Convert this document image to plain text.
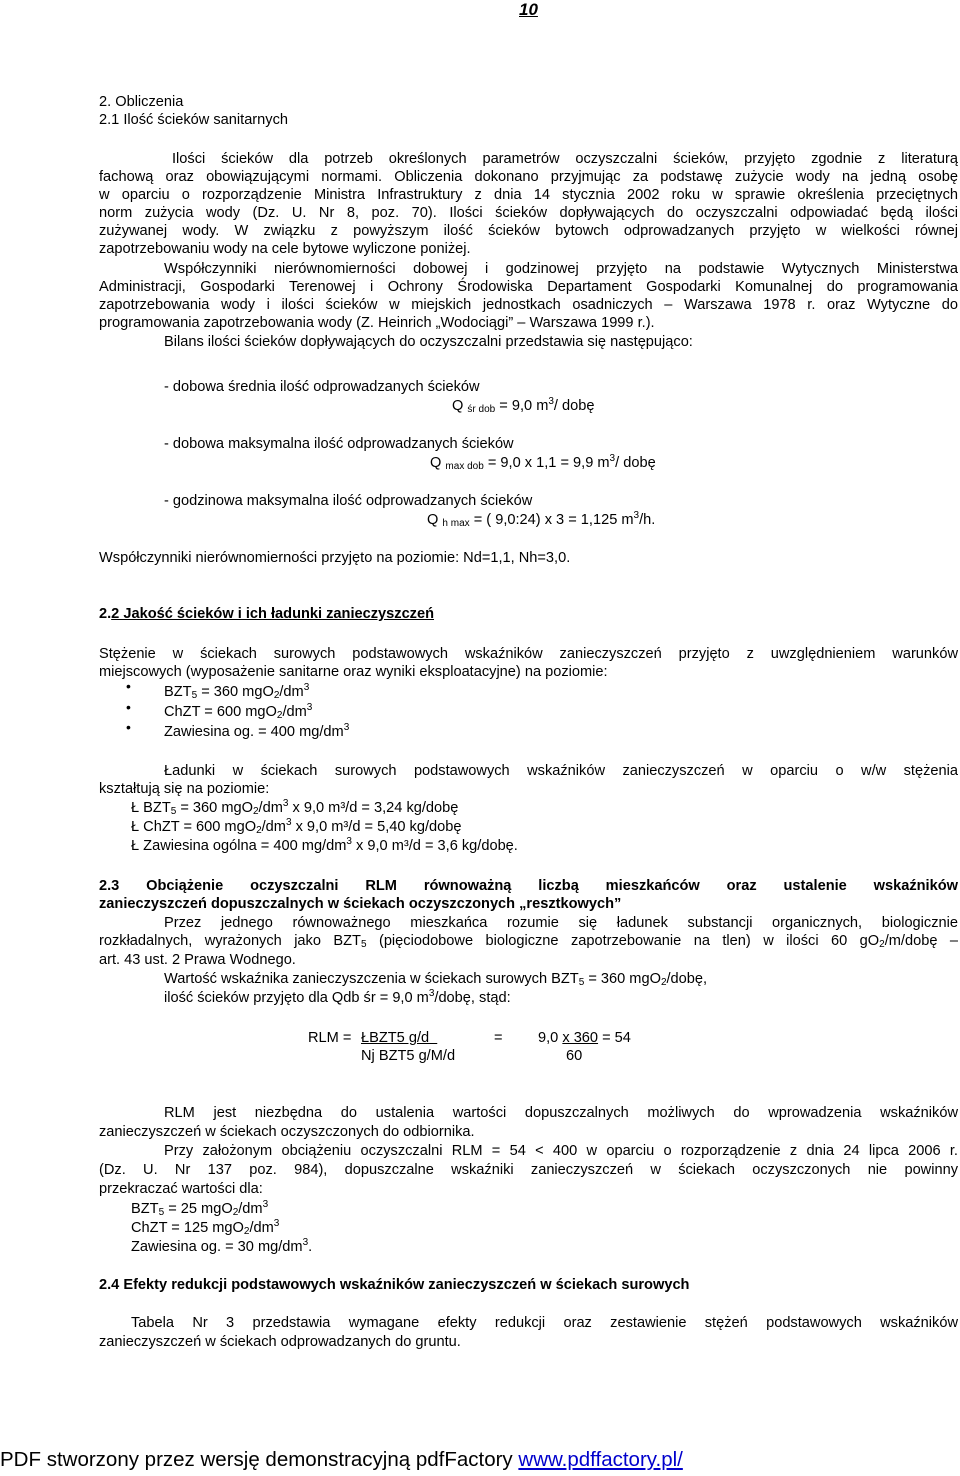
10
2. Obliczenia
2.1 Ilość ścieków sanitarnych
Ilości ścieków dla potrzeb określonych parametrów oczyszczalni ścieków, przyjęto zgodnie z literaturą
fachową oraz obowiązującymi normami. Obliczenia dokonano przyjmując za podstawę zużycie wody na jedną osobę
w oparciu o rozporządzenie Ministra Infrastruktury z dnia 14 stycznia 2002 roku w sprawie określenia przeciętnych
norm zużycia wody (Dz. U. Nr 8, poz. 70). Ilości ścieków dopływających do oczyszczalni odpowiadać będą ilości
zużywanej wody. W związku z powyższym ilość ścieków bytowch odprowadzanych przyjęto w wielkości równej
zapotrzebowaniu wody na cele bytowe wyliczone poniżej.
Współczynniki nierównomierności dobowej i godzinowej przyjęto na podstawie Wytycznych Ministerstwa
Administracji, Gospodarki Terenowej i Ochrony Środowiska Departament Gospodarki Komunalnej do programowania
zapotrzebowania wody i ilości ścieków w miejskich jednostkach osadniczych – Warszawa 1978 r. oraz Wytyczne do
programowania zapotrzebowania wody (Z. Heinrich „Wodociągi” – Warszawa 1999 r.).
Bilans ilości ścieków dopływających do oczyszczalni przedstawia się następująco:
- dobowa średnia ilość odprowadzanych ścieków
Q $_{śr dob}$ = 9,0 $m^3/$ dobę
- dobowa maksymalna ilość odprowadzanych ścieków
Q $_{max dob}$ = 9,0 x 1,1 = 9,9 $m^3/$ dobę
- godzinowa maksymalna ilość odprowadzanych ścieków
Q $_{h max}$ = ( 9,0:24) x 3 = 1,125 $m^3/h$.
Współczynniki nierównomierności przyjęto na poziomie: Nd=1,1, Nh=3,0.
2.2 Jakość ścieków i ich ładunki zanieczyszczeń
Stężenie w ściekach surowych podstawowych wskaźników zanieczyszczeń przyjęto z uwzględnieniem warunków
miejscowych (wyposażenie sanitarne oraz wyniki eksploatacyjne) na poziomie:
• $BZT_5 = 360$ $mgO_2/dm^3$
• ChZT = 600 $mgO_2/dm^3$
• Zawiesina og. = 400 $mg/dm^3$
Ładunki w ściekach surowych podstawowych wskaźników zanieczyszczeń w oparciu o w/w stężenia
kształtują się na poziomie:
Ł $BZT_5 = 360$ $mgO_2/dm^3$ x 9,0 m³/d = 3,24 kg/dobę
Ł ChZT = 600 $mgO_2/dm^3$ x 9,0 m³/d = 5,40 kg/dobę
Ł Zawiesina ogólna = 400 $mg/dm^3$ x 9,0 m³/d = 3,6 kg/dobę.
2.3 Obciążenie oczyszczalni RLM równoważną liczbą mieszkańców oraz ustalenie wskaźników
zanieczyszczeń dopuszczalnych w ściekach oczyszczonych „resztkowych”
Przez jednego równoważnego mieszkańca rozumie się ładunek substancji organicznych, biologicznie
rozkładalnych, wyrażonych jako $BZT_5$ (pięciodobowe biologiczne zapotrzebowanie na tlen) w ilości 60 $gO_2/m$/dobę –
art. 43 ust. 2 Prawa Wodnego.
Wartość wskaźnika zanieczyszczenia w ściekach surowych $BZT_5 = 360$ mgO$_2$/dobę,
ilość ścieków przyjęto dla Qdb śr = 9,0 $m^3$/dobę, stąd:
RLM = ŁBZT5 g/d	= 9,0 x 360 = 54
Nj BZT5 g/M/d	60
RLM jest niezbędna do ustalenia wartości dopuszczalnych możliwych do wprowadzenia wskaźników
zanieczyszczeń w ściekach oczyszczonych do odbiornika.
Przy założonym obciążeniu oczyszczalni RLM = 54 < 400 w oparciu o rozporządzenie z dnia 24 lipca 2006 r.
(Dz. U. Nr 137 poz. 984), dopuszczalne wskaźniki zanieczyszczeń w ściekach oczyszczonych nie powinny
przekraczać wartości dla:
$BZT_5 = 25$ $mgO_2/dm^3$
ChZT = 125 $mgO_2/dm^3$
Zawiesina og. = 30 $mg/dm^3$.
2.4 Efekty redukcji podstawowych wskaźników zanieczyszczeń w ściekach surowych
Tabela Nr 3 przedstawia wymagane efekty redukcji oraz zestawienie stężeń podstawowych wskaźników
zanieczyszczeń w ściekach odprowadzanych do gruntu.
PDF stworzony przez wersję demonstracyjną pdfFactory www.pdffactory.pl/
